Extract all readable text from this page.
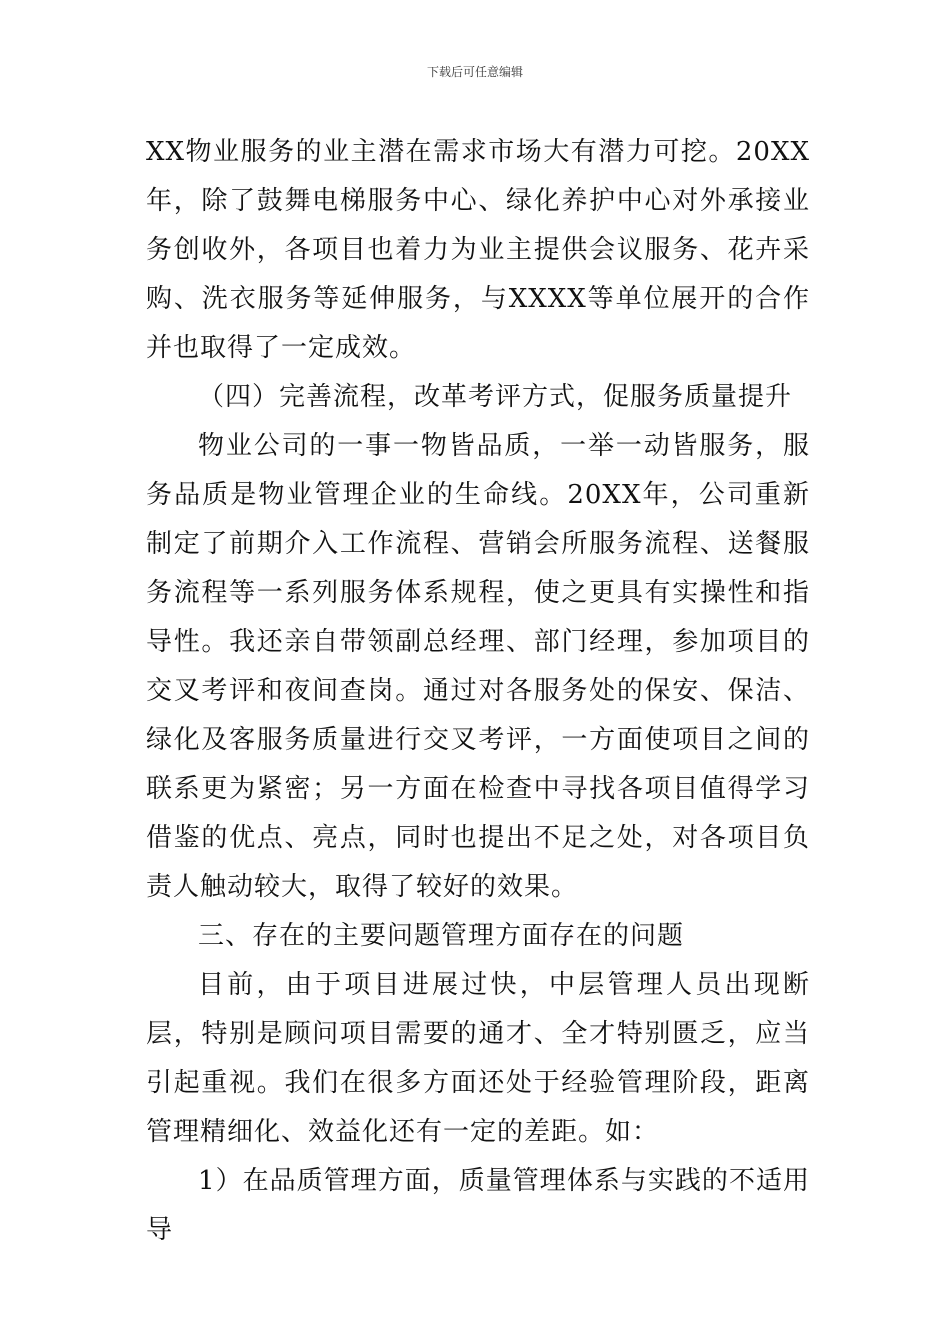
下载后可任意编辑

XX物业服务的业主潜在需求市场大有潜力可挖。20XX年，除了鼓舞电梯服务中心、绿化养护中心对外承接业务创收外，各项目也着力为业主提供会议服务、花卉采购、洗衣服务等延伸服务，与XXXX等单位展开的合作并也取得了一定成效。

（四）完善流程，改革考评方式，促服务质量提升

物业公司的一事一物皆品质，一举一动皆服务，服务品质是物业管理企业的生命线。20XX年，公司重新制定了前期介入工作流程、营销会所服务流程、送餐服务流程等一系列服务体系规程，使之更具有实操性和指导性。我还亲自带领副总经理、部门经理，参加项目的交叉考评和夜间查岗。通过对各服务处的保安、保洁、绿化及客服务质量进行交叉考评，一方面使项目之间的联系更为紧密；另一方面在检查中寻找各项目值得学习借鉴的优点、亮点，同时也提出不足之处，对各项目负责人触动较大，取得了较好的效果。

三、存在的主要问题管理方面存在的问题

目前，由于项目进展过快，中层管理人员出现断层，特别是顾问项目需要的通才、全才特别匮乏，应当引起重视。我们在很多方面还处于经验管理阶段，距离管理精细化、效益化还有一定的差距。如：

1）在品质管理方面，质量管理体系与实践的不适用导
